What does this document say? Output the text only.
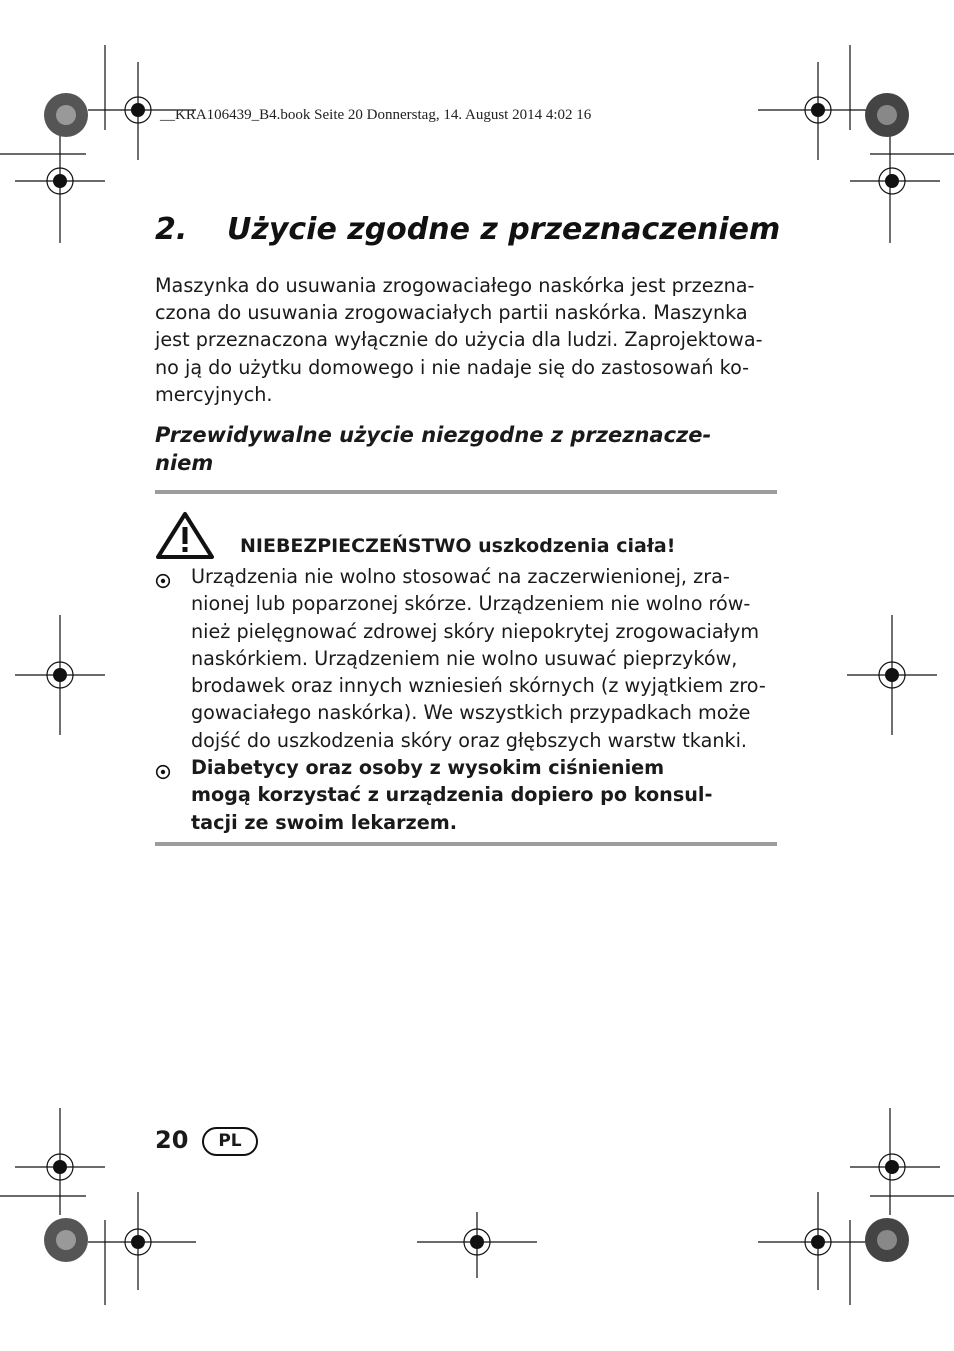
__KRA106439_B4.book Seite 20 Donnerstag, 14. August 2014 4:02 16
2. Użycie zgodne z przeznaczeniem

Maszynka do usuwania zrogowaciałego naskórka jest przezna-
czona do usuwania zrogowaciałych partii naskórka. Maszynka
jest przeznaczona wyłącznie do użycia dla ludzi. Zaprojektowa-
no ją do użytku domowego i nie nadaje się do zastosowań ko-
mercyjnych.

Przewidywalne użycie niezgodne z przeznacze-
niem
NIEBEZPIECZEŃSTWO uszkodzenia ciała!
Urządzenia nie wolno stosować na zaczerwienionej, zra-
nionej lub poparzonej skórze. Urządzeniem nie wolno rów-
nież pielęgnować zdrowej skóry niepokrytej zrogowaciałym
naskórkiem. Urządzeniem nie wolno usuwać pieprzyków,
brodawek oraz innych wzniesień skórnych (z wyjątkiem zro-
gowaciałego naskórka). We wszystkich przypadkach może
dojść do uszkodzenia skóry oraz głębszych warstw tkanki.
Diabetycy oraz osoby z wysokim ciśnieniem
mogą korzystać z urządzenia dopiero po konsul-
tacji ze swoim lekarzem.
20	PL
